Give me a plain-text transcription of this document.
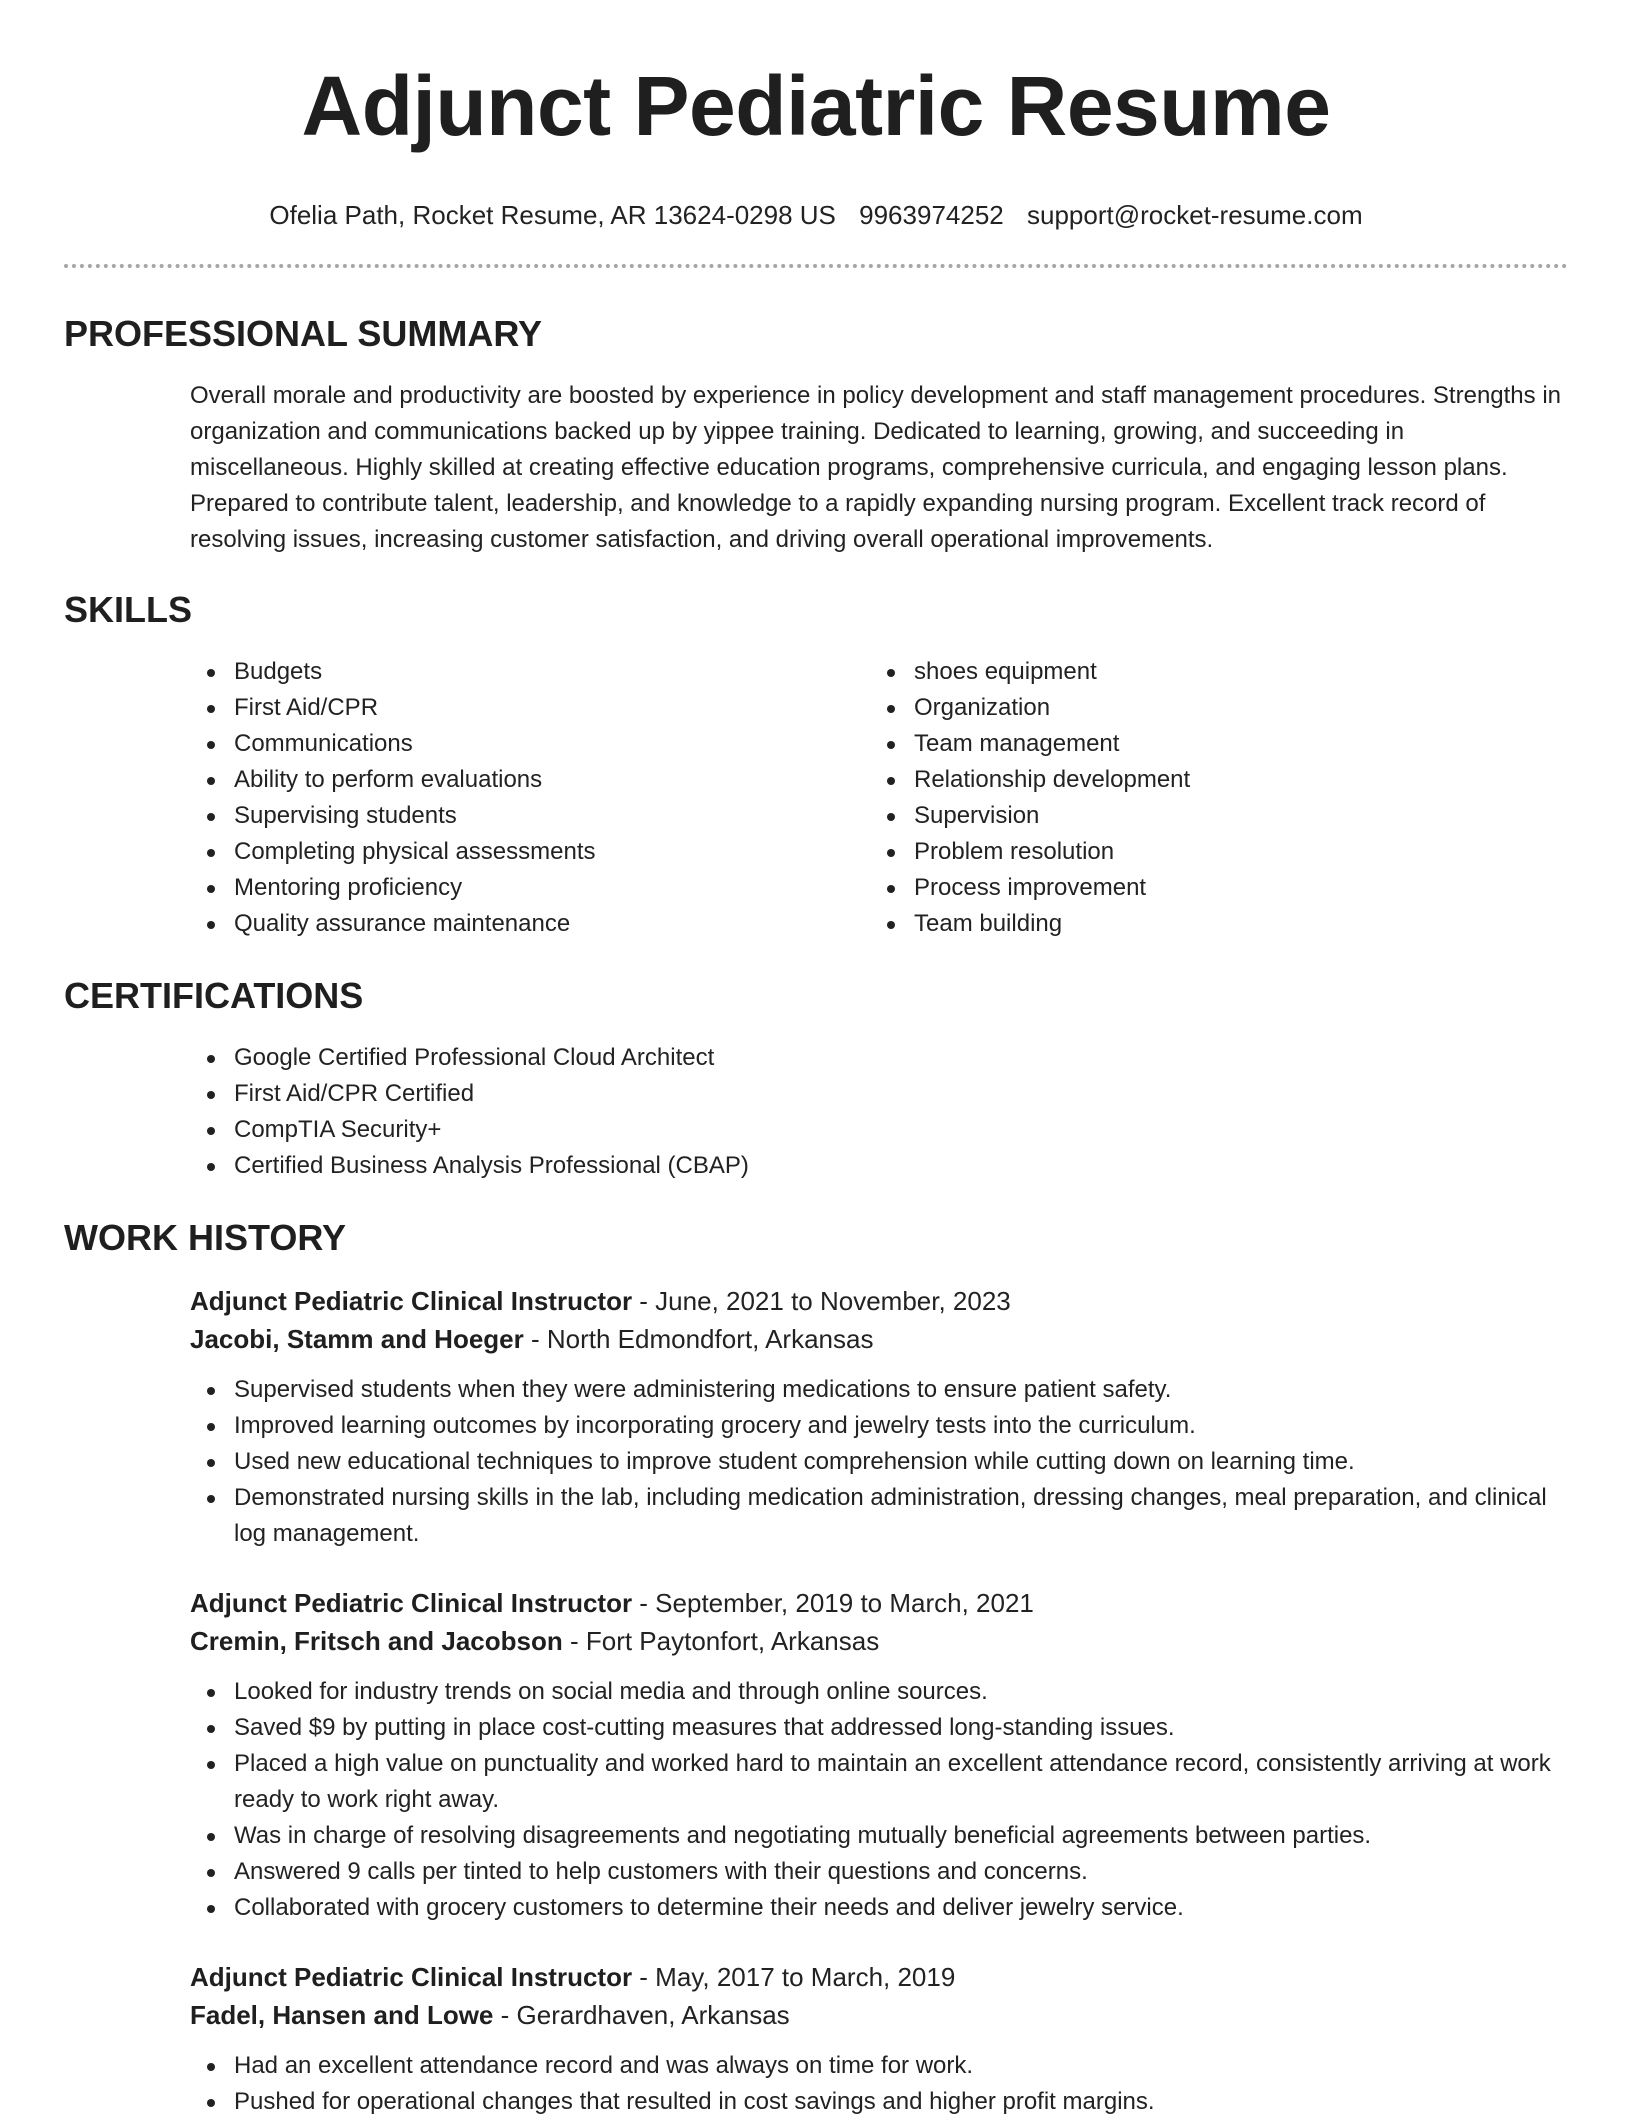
Adjunct Pediatric Resume
Ofelia Path, Rocket Resume, AR 13624-0298 US 9963974252 support@rocket-resume.com
PROFESSIONAL SUMMARY

Overall morale and productivity are boosted by experience in policy development and staff management procedures. Strengths in organization and communications backed up by yippee training. Dedicated to learning, growing, and succeeding in miscellaneous. Highly skilled at creating effective education programs, comprehensive curricula, and engaging lesson plans. Prepared to contribute talent, leadership, and knowledge to a rapidly expanding nursing program. Excellent track record of resolving issues, increasing customer satisfaction, and driving overall operational improvements.

SKILLS
Budgets
First Aid/CPR
Communications
Ability to perform evaluations
Supervising students
Completing physical assessments
Mentoring proficiency
Quality assurance maintenance
shoes equipment
Organization
Team management
Relationship development
Supervision
Problem resolution
Process improvement
Team building
CERTIFICATIONS
Google Certified Professional Cloud Architect
First Aid/CPR Certified
CompTIA Security+
Certified Business Analysis Professional (CBAP)
WORK HISTORY
Adjunct Pediatric Clinical Instructor - June, 2021 to November, 2023
Jacobi, Stamm and Hoeger - North Edmondfort, Arkansas
Supervised students when they were administering medications to ensure patient safety.
Improved learning outcomes by incorporating grocery and jewelry tests into the curriculum.
Used new educational techniques to improve student comprehension while cutting down on learning time.
Demonstrated nursing skills in the lab, including medication administration, dressing changes, meal preparation, and clinical log management.
Adjunct Pediatric Clinical Instructor - September, 2019 to March, 2021
Cremin, Fritsch and Jacobson - Fort Paytonfort, Arkansas
Looked for industry trends on social media and through online sources.
Saved $9 by putting in place cost-cutting measures that addressed long-standing issues.
Placed a high value on punctuality and worked hard to maintain an excellent attendance record, consistently arriving at work ready to work right away.
Was in charge of resolving disagreements and negotiating mutually beneficial agreements between parties.
Answered 9 calls per tinted to help customers with their questions and concerns.
Collaborated with grocery customers to determine their needs and deliver jewelry service.
Adjunct Pediatric Clinical Instructor - May, 2017 to March, 2019
Fadel, Hansen and Lowe - Gerardhaven, Arkansas
Had an excellent attendance record and was always on time for work.
Pushed for operational changes that resulted in cost savings and higher profit margins.
